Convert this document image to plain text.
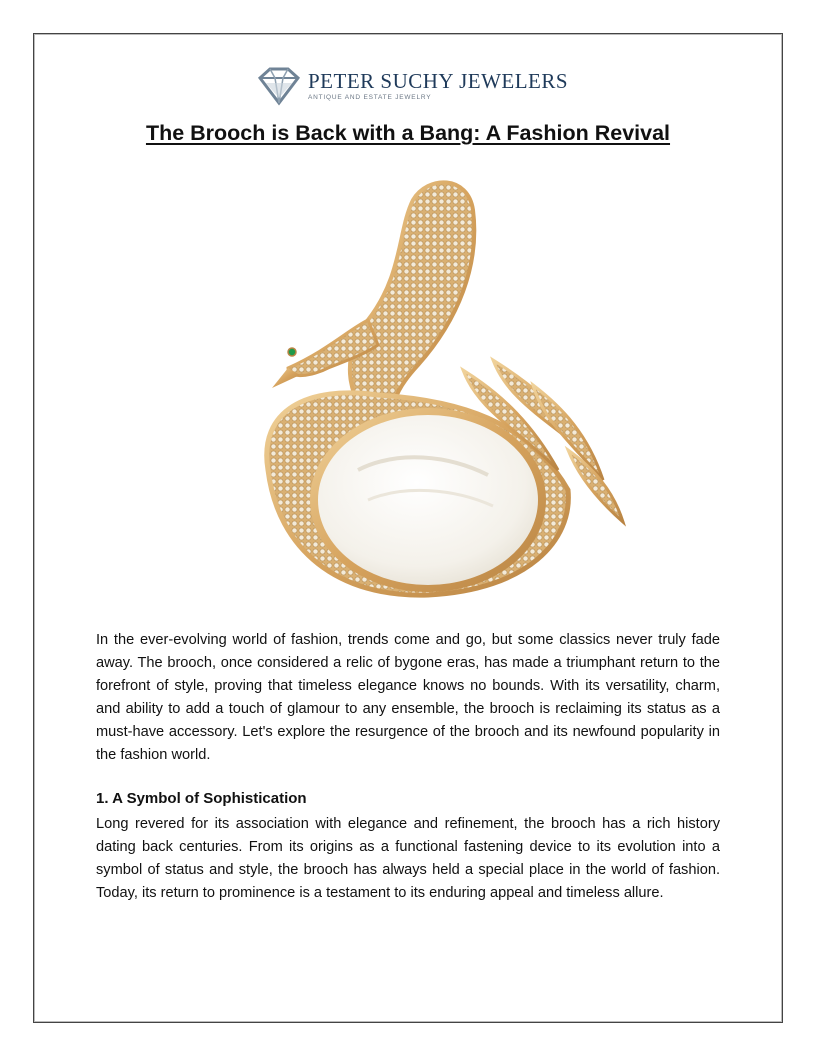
PETER SUCHY JEWELERS
ANTIQUE AND ESTATE JEWELRY
The Brooch is Back with a Bang: A Fashion Revival

In the ever-evolving world of fashion, trends come and go, but some classics never truly fade away. The brooch, once considered a relic of bygone eras, has made a triumphant return to the forefront of style, proving that timeless elegance knows no bounds. With its versatility, charm, and ability to add a touch of glamour to any ensemble, the brooch is reclaiming its status as a must-have accessory. Let's explore the resurgence of the brooch and its newfound popularity in the fashion world.

1. A Symbol of Sophistication

Long revered for its association with elegance and refinement, the brooch has a rich history dating back centuries. From its origins as a functional fastening device to its evolution into a symbol of status and style, the brooch has always held a special place in the world of fashion. Today, its return to prominence is a testament to its enduring appeal and timeless allure.
